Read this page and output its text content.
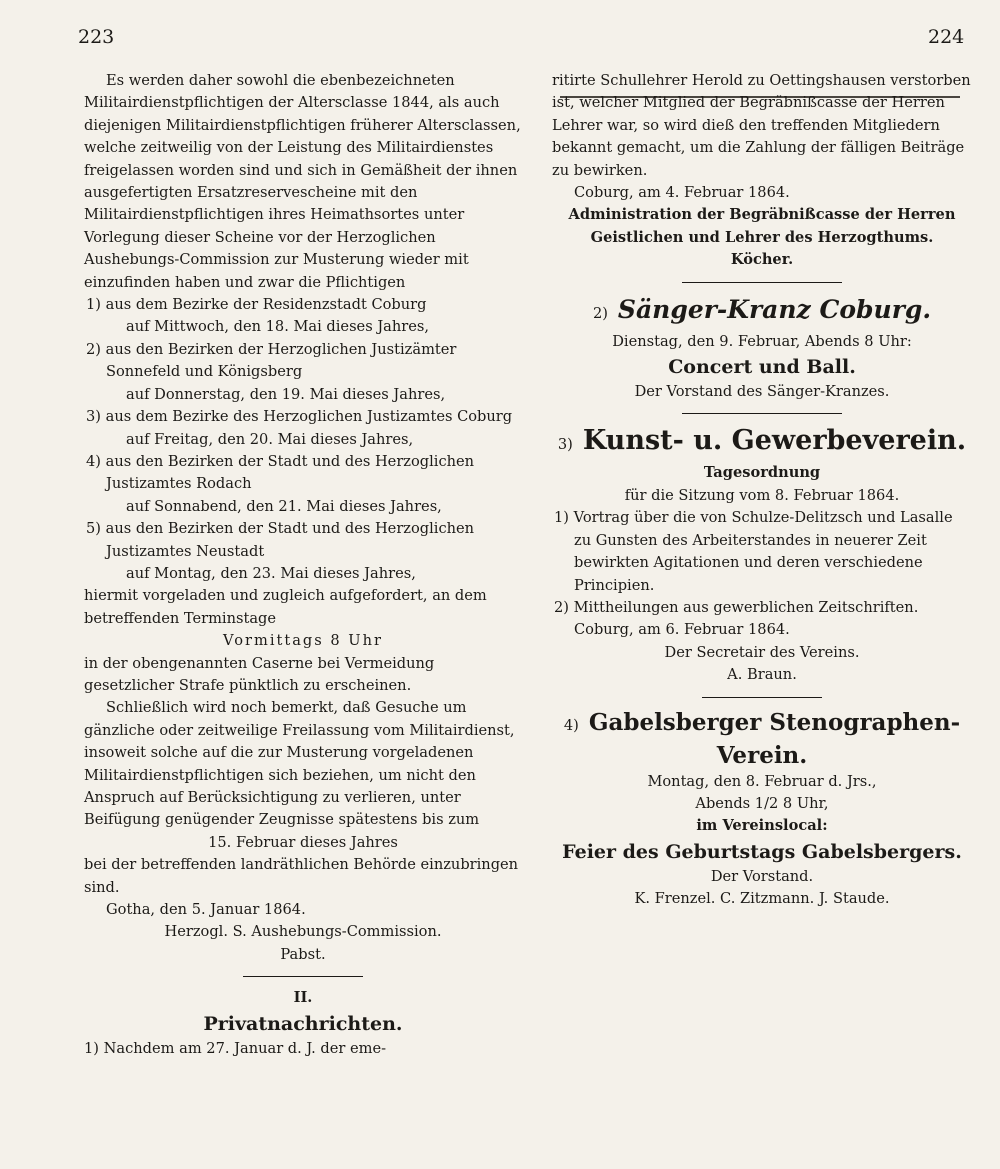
223	224

Es werden daher sowohl die ebenbezeichneten Militairdienstpflichtigen der Altersclasse 1844, als auch diejenigen Militairdienstpflichtigen früherer Altersclassen, welche zeitweilig von der Leistung des Militairdienstes freigelassen worden sind und sich in Gemäßheit der ihnen ausgefertigten Ersatzreservescheine mit den Militairdienstpflichtigen ihres Heimathsortes unter Vorlegung dieser Scheine vor der Herzoglichen Aushebungs-Commission zur Musterung wieder mit einzufinden haben und zwar die Pflichtigen

1) aus dem Bezirke der Residenzstadt Coburg

auf Mittwoch, den 18. Mai dieses Jahres,

2) aus den Bezirken der Herzoglichen Justizämter Sonnefeld und Königsberg

auf Donnerstag, den 19. Mai dieses Jahres,

3) aus dem Bezirke des Herzoglichen Justizamtes Coburg

auf Freitag, den 20. Mai dieses Jahres,

4) aus den Bezirken der Stadt und des Herzoglichen Justizamtes Rodach

auf Sonnabend, den 21. Mai dieses Jahres,

5) aus den Bezirken der Stadt und des Herzoglichen Justizamtes Neustadt

auf Montag, den 23. Mai dieses Jahres,

hiermit vorgeladen und zugleich aufgefordert, an dem betreffenden Terminstage

Vormittags 8 Uhr

in der obengenannten Caserne bei Vermeidung gesetzlicher Strafe pünktlich zu erscheinen.

Schließlich wird noch bemerkt, daß Gesuche um gänzliche oder zeitweilige Freilassung vom Militairdienst, insoweit solche auf die zur Musterung vorgeladenen Militairdienstpflichtigen sich beziehen, um nicht den Anspruch auf Berücksichtigung zu verlieren, unter Beifügung genügender Zeugnisse spätestens bis zum

15. Februar dieses Jahres

bei der betreffenden landräthlichen Behörde einzubringen sind.

Gotha, den 5. Januar 1864.

Herzogl. S. Aushebungs-Commission.

Pabst.

II.

Privatnachrichten.

1) Nachdem am 27. Januar d. J. der eme-

ritirte Schullehrer Herold zu Oettingshausen verstorben ist, welcher Mitglied der Begräbnißcasse der Herren Lehrer war, so wird dieß den treffenden Mitgliedern bekannt gemacht, um die Zahlung der fälligen Beiträge zu bewirken.

Coburg, am 4. Februar 1864.

Administration der Begräbnißcasse der Herren Geistlichen und Lehrer des Herzogthums.

Köcher.

2) Sänger-Kranz Coburg.

Dienstag, den 9. Februar, Abends 8 Uhr:

Concert und Ball.

Der Vorstand des Sänger-Kranzes.

3) Kunst- u. Gewerbeverein.

Tagesordnung

für die Sitzung vom 8. Februar 1864.

1) Vortrag über die von Schulze-Delitzsch und Lasalle zu Gunsten des Arbeiterstandes in neuerer Zeit bewirkten Agitationen und deren verschiedene Principien.

2) Mittheilungen aus gewerblichen Zeitschriften.

Coburg, am 6. Februar 1864.

Der Secretair des Vereins.

A. Braun.

4) Gabelsberger Stenographen-Verein.

Montag, den 8. Februar d. Jrs.,

Abends 1/2 8 Uhr,

im Vereinslocal:

Feier des Geburtstags Gabelsbergers.

Der Vorstand.

K. Frenzel. C. Zitzmann. J. Staude.
